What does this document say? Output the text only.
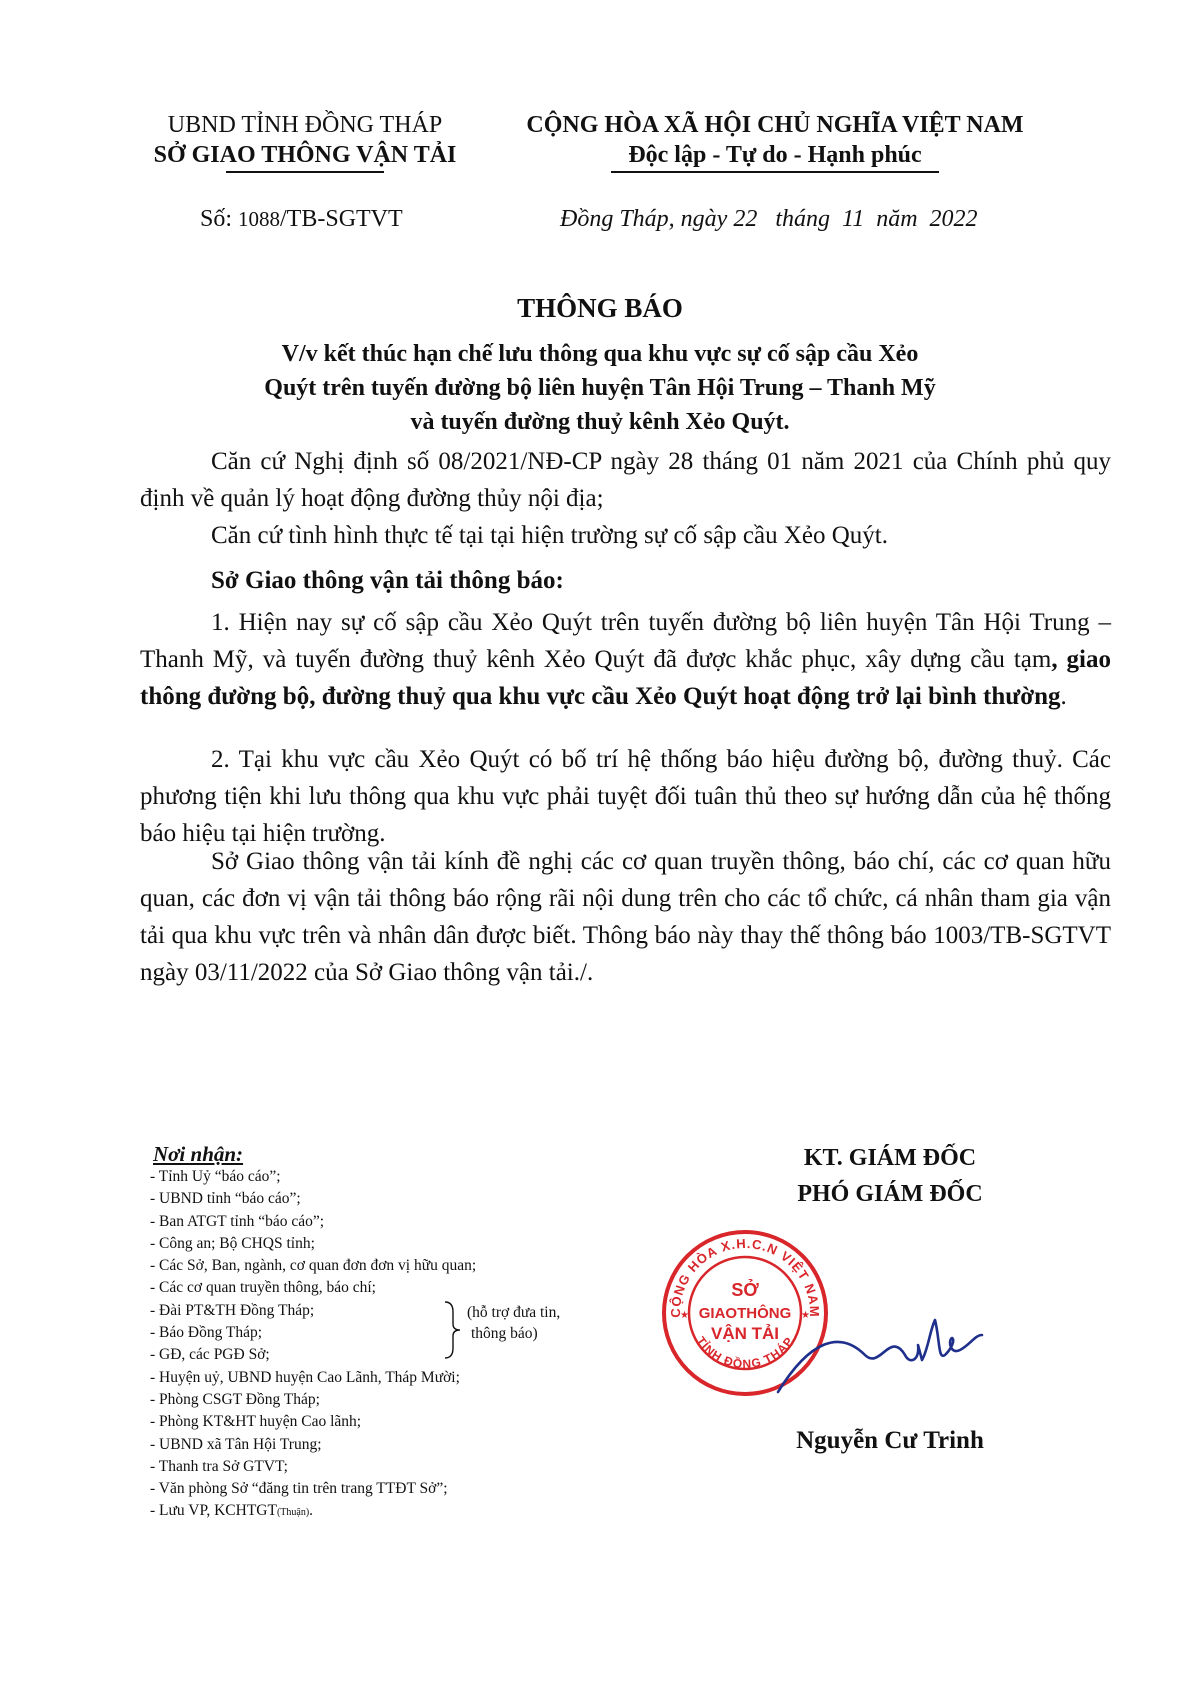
UBND TỈNH ĐỒNG THÁP
SỞ GIAO THÔNG VẬN TẢI
CỘNG HÒA XÃ HỘI CHỦ NGHĨA VIỆT NAM
Độc lập - Tự do - Hạnh phúc
Số: 1088/TB-SGTVT	Đồng Tháp, ngày 22   tháng  11  năm  2022
THÔNG BÁO
V/v kết thúc hạn chế lưu thông qua khu vực sự cố sập cầu Xẻo
Quýt trên tuyến đường bộ liên huyện Tân Hội Trung – Thanh Mỹ
và tuyến đường thuỷ kênh Xẻo Quýt.
Căn cứ Nghị định số 08/2021/NĐ-CP ngày 28 tháng 01 năm 2021 của Chính phủ quy định về quản lý hoạt động đường thủy nội địa;
Căn cứ tình hình thực tế tại tại hiện trường sự cố sập cầu Xẻo Quýt.
Sở Giao thông vận tải thông báo:
1. Hiện nay sự cố sập cầu Xẻo Quýt trên tuyến đường bộ liên huyện Tân Hội Trung – Thanh Mỹ, và tuyến đường thuỷ kênh Xẻo Quýt đã được khắc phục, xây dựng cầu tạm, giao thông đường bộ, đường thuỷ qua khu vực cầu Xẻo Quýt hoạt động trở lại bình thường.
2. Tại khu vực cầu Xẻo Quýt có bố trí hệ thống báo hiệu đường bộ, đường thuỷ. Các phương tiện khi lưu thông qua khu vực phải tuyệt đối tuân thủ theo sự hướng dẫn của hệ thống báo hiệu tại hiện trường.
Sở Giao thông vận tải kính đề nghị các cơ quan truyền thông, báo chí, các cơ quan hữu quan, các đơn vị vận tải thông báo rộng rãi nội dung trên cho các tổ chức, cá nhân tham gia vận tải qua khu vực trên và nhân dân được biết. Thông báo này thay thế thông báo 1003/TB-SGTVT ngày 03/11/2022 của Sở Giao thông vận tải./.
Nơi nhận:
- Tỉnh Uỷ “báo cáo”;
- UBND tỉnh “báo cáo”;
- Ban ATGT tỉnh “báo cáo”;
- Công an; Bộ CHQS tỉnh;
- Các Sở, Ban, ngành, cơ quan đơn đơn vị hữu quan;
- Các cơ quan truyền thông, báo chí;
- Đài PT&TH Đồng Tháp;
- Báo Đồng Tháp;
- GĐ, các PGĐ Sở;
- Huyện uỷ, UBND huyện Cao Lãnh, Tháp Mười;
- Phòng CSGT Đồng Tháp;
- Phòng KT&HT huyện Cao lãnh;
- UBND xã Tân Hội Trung;
- Thanh tra Sở GTVT;
- Văn phòng Sở “đăng tin trên trang TTĐT Sở”;
- Lưu VP, KCHTGT(Thuận).
(hỗ trợ đưa tin,
thông báo)
KT. GIÁM ĐỐC
PHÓ GIÁM ĐỐC
CỘNG HÒA X.H.C.N VIỆT NAM
TỈNH ĐỒNG THÁP
★	★
SỞ
GIAOTHÔNG
VẬN TẢI
Nguyễn Cư Trinh
